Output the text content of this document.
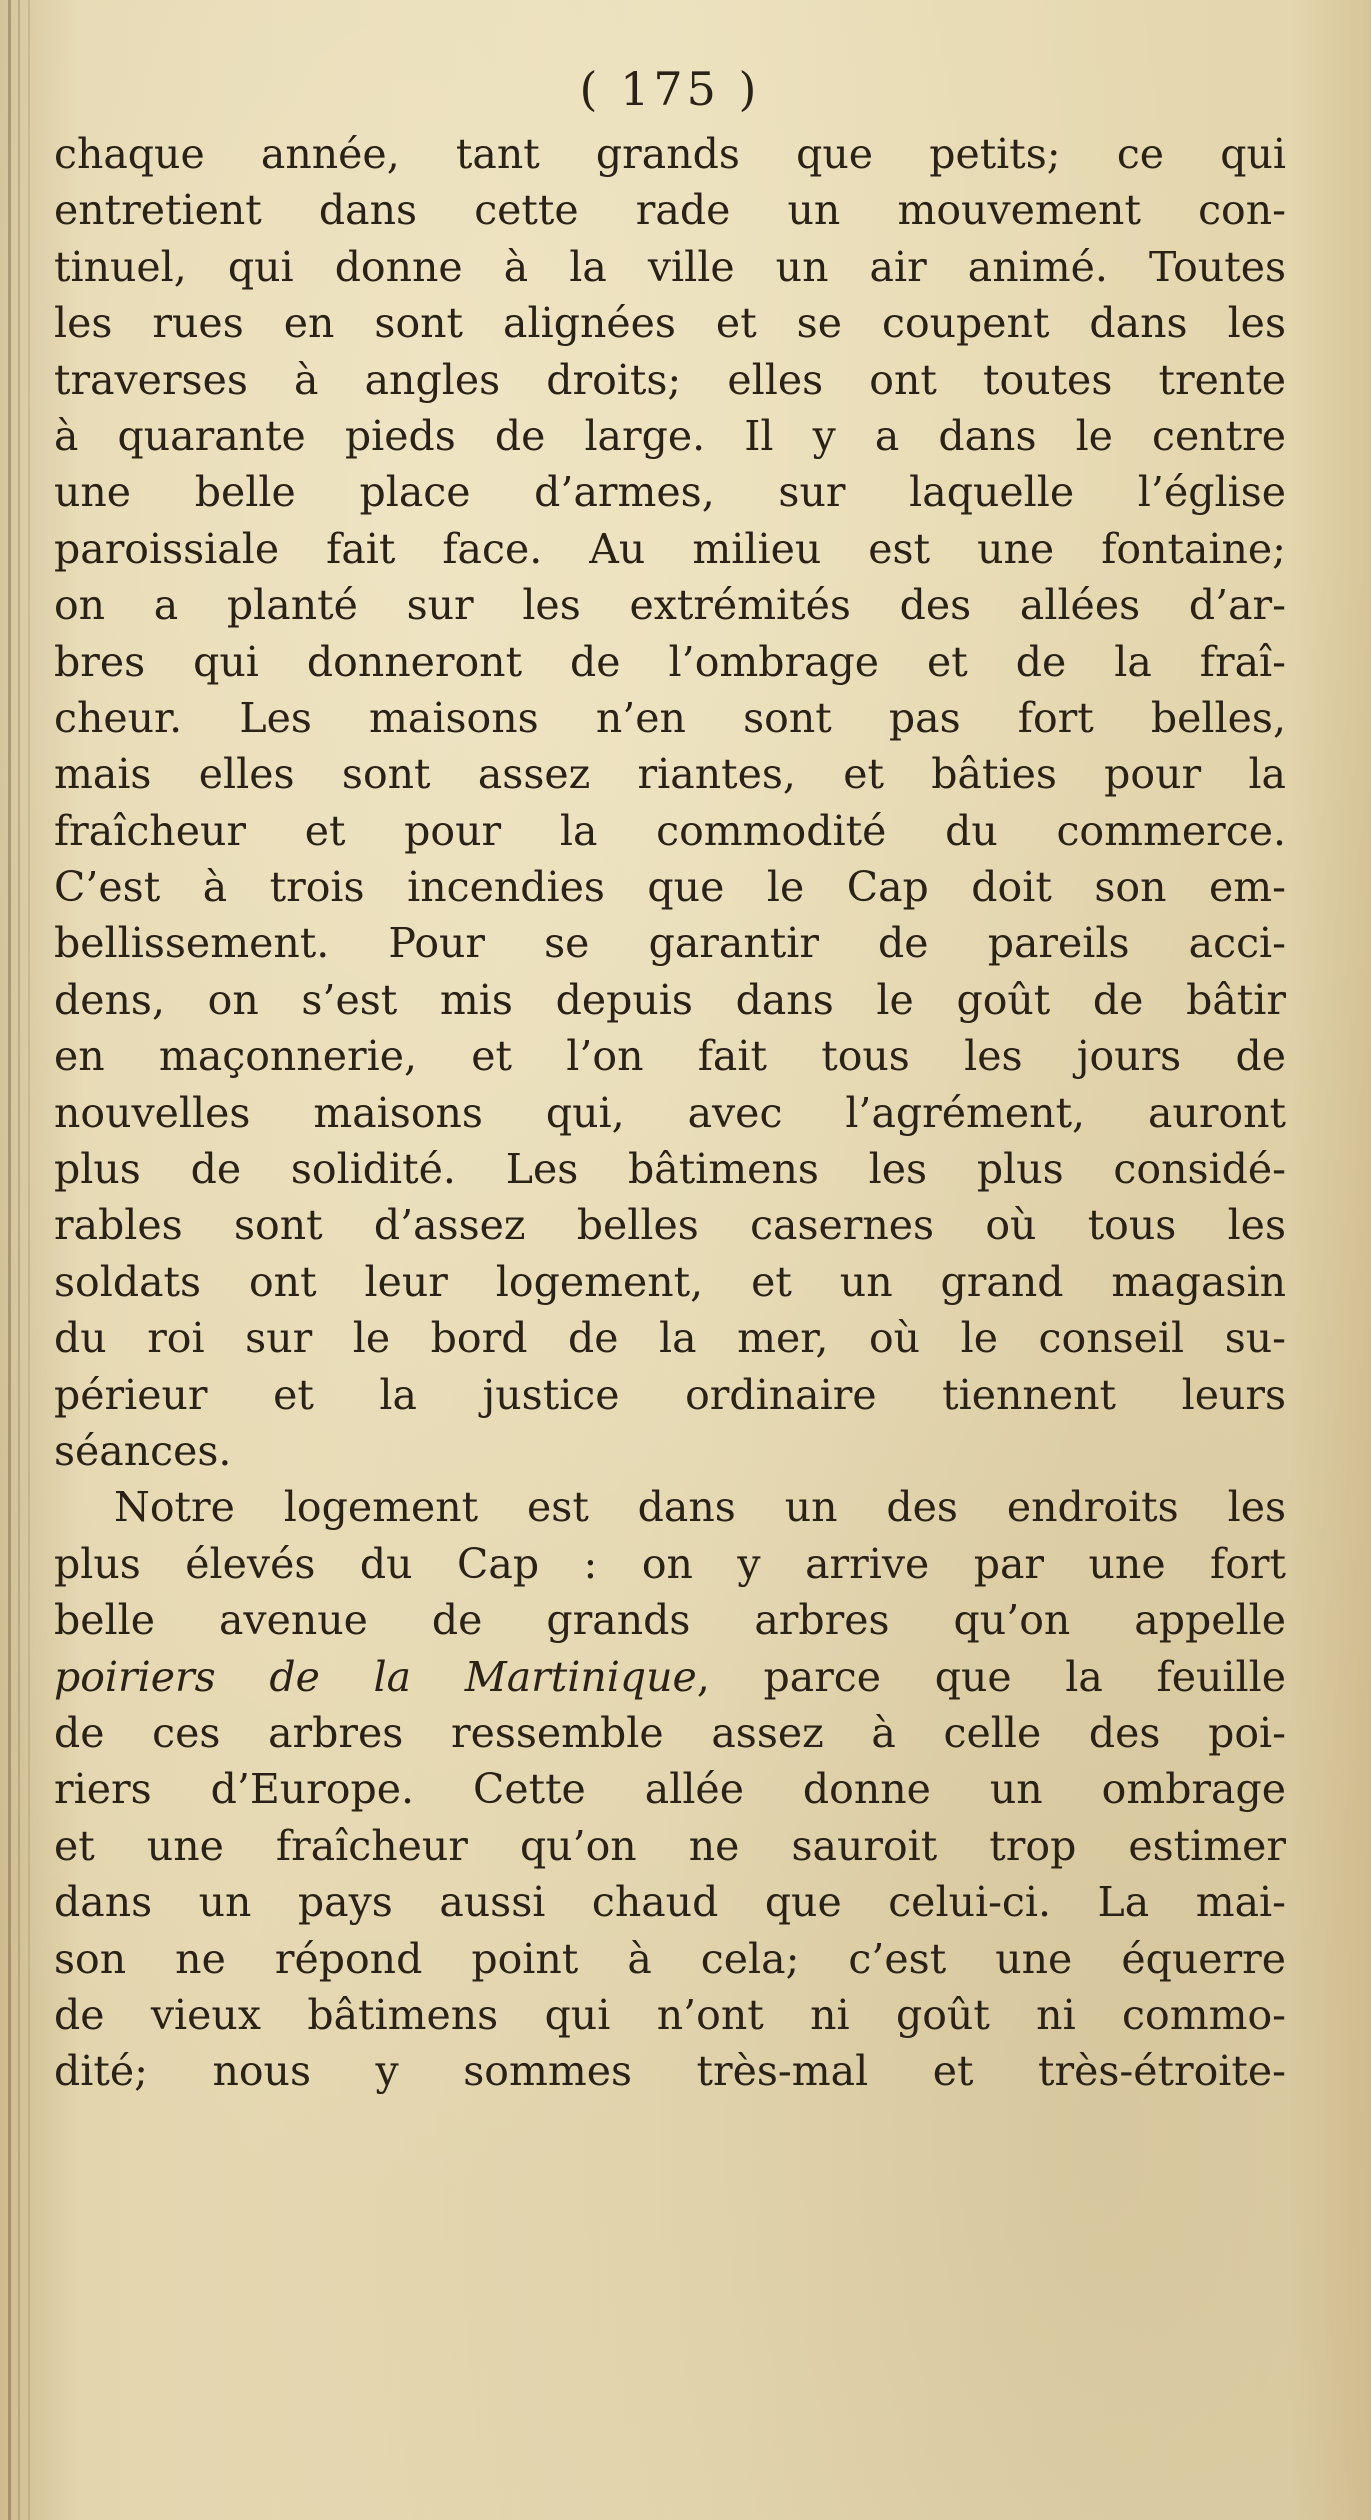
( 175 )
chaque année, tant grands que petits; ce qui
entretient dans cette rade un mouvement con-
tinuel, qui donne à la ville un air animé. Toutes
les rues en sont alignées et se coupent dans les
traverses à angles droits; elles ont toutes trente
à quarante pieds de large. Il y a dans le centre
une belle place d’armes, sur laquelle l’église
paroissiale fait face. Au milieu est une fontaine;
on a planté sur les extrémités des allées d’ar-
bres qui donneront de l’ombrage et de la fraî-
cheur. Les maisons n’en sont pas fort belles,
mais elles sont assez riantes, et bâties pour la
fraîcheur et pour la commodité du commerce.
C’est à trois incendies que le Cap doit son em-
bellissement. Pour se garantir de pareils acci-
dens, on s’est mis depuis dans le goût de bâtir
en maçonnerie, et l’on fait tous les jours de
nouvelles maisons qui, avec l’agrément, auront
plus de solidité. Les bâtimens les plus considé-
rables sont d’assez belles casernes où tous les
soldats ont leur logement, et un grand magasin
du roi sur le bord de la mer, où le conseil su-
périeur et la justice ordinaire tiennent leurs
séances.
Notre logement est dans un des endroits les
plus élevés du Cap : on y arrive par une fort
belle avenue de grands arbres qu’on appelle
poiriers de la Martinique, parce que la feuille
de ces arbres ressemble assez à celle des poi-
riers d’Europe. Cette allée donne un ombrage
et une fraîcheur qu’on ne sauroit trop estimer
dans un pays aussi chaud que celui-ci. La mai-
son ne répond point à cela; c’est une équerre
de vieux bâtimens qui n’ont ni goût ni commo-
dité; nous y sommes très-mal et très-étroite-
